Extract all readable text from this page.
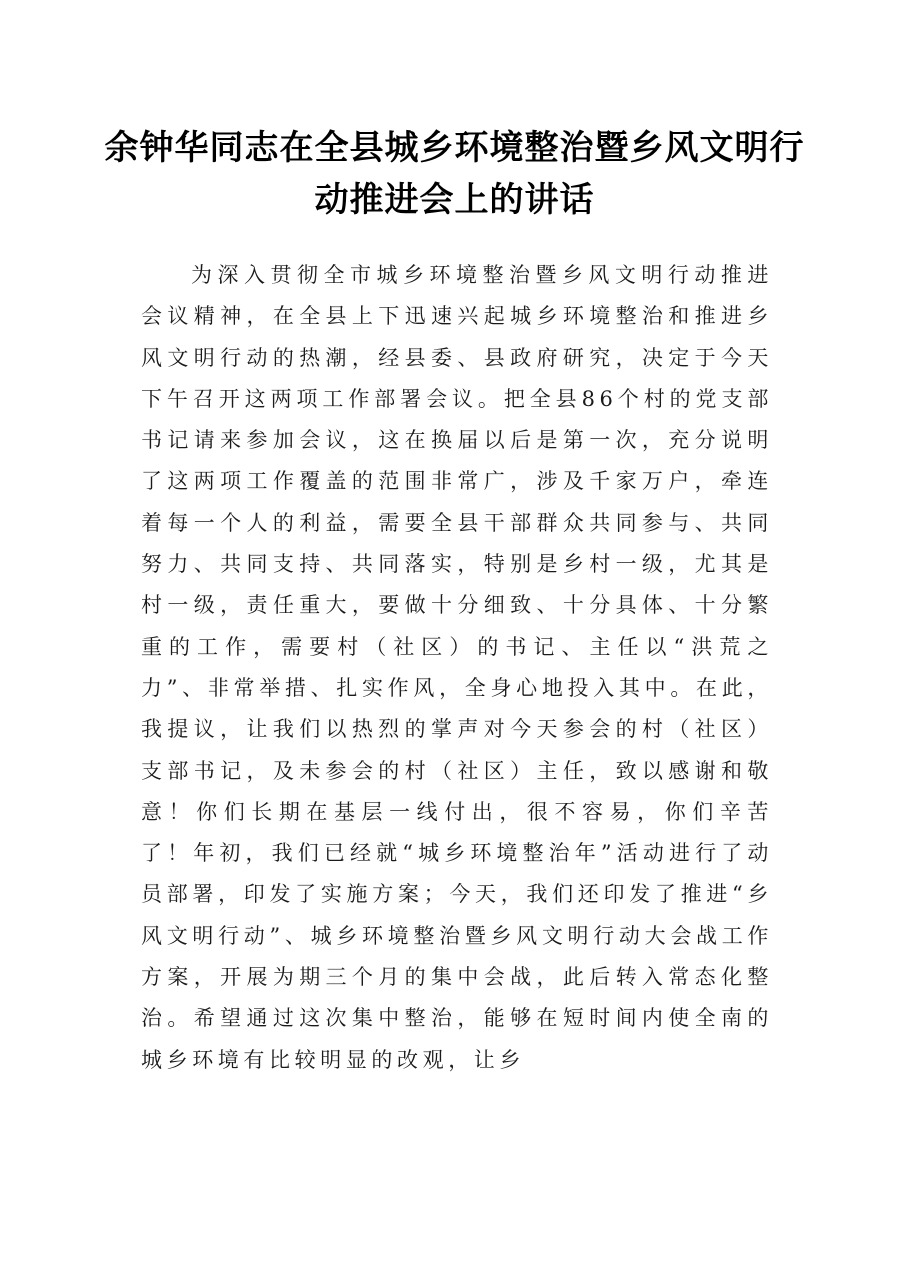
余钟华同志在全县城乡环境整治暨乡风文明行动推进会上的讲话

为深入贯彻全市城乡环境整治暨乡风文明行动推进会议精神，在全县上下迅速兴起城乡环境整治和推进乡风文明行动的热潮，经县委、县政府研究，决定于今天下午召开这两项工作部署会议。把全县86个村的党支部书记请来参加会议，这在换届以后是第一次，充分说明了这两项工作覆盖的范围非常广，涉及千家万户，牵连着每一个人的利益，需要全县干部群众共同参与、共同努力、共同支持、共同落实，特别是乡村一级，尤其是村一级，责任重大，要做十分细致、十分具体、十分繁重的工作，需要村（社区）的书记、主任以“洪荒之力”、非常举措、扎实作风，全身心地投入其中。在此，我提议，让我们以热烈的掌声对今天参会的村（社区）支部书记，及未参会的村（社区）主任，致以感谢和敬意！你们长期在基层一线付出，很不容易，你们辛苦了！年初，我们已经就“城乡环境整治年”活动进行了动员部署，印发了实施方案；今天，我们还印发了推进“乡风文明行动”、城乡环境整治暨乡风文明行动大会战工作方案，开展为期三个月的集中会战，此后转入常态化整治。希望通过这次集中整治，能够在短时间内使全南的城乡环境有比较明显的改观，让乡
